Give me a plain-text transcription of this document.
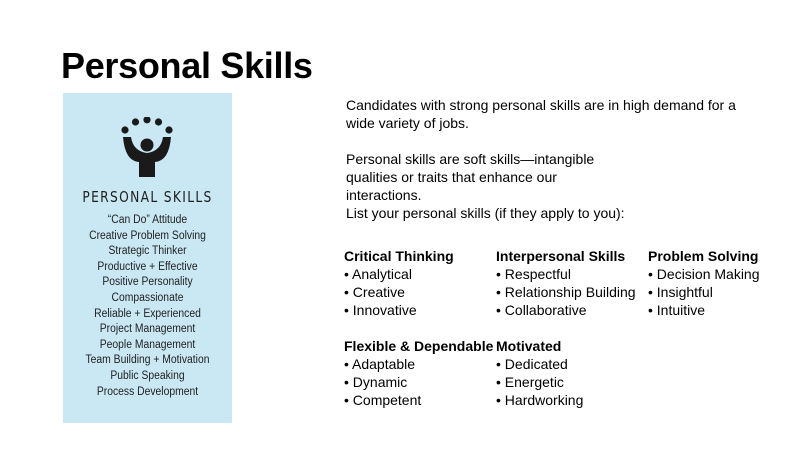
Personal Skills
PERSONAL SKILLS
“Can Do” Attitude
Creative Problem Solving
Strategic Thinker
Productive + Effective
Positive Personality
Compassionate
Reliable + Experienced
Project Management
People Management
Team Building + Motivation
Public Speaking
Process Development

Candidates with strong personal skills are in high demand for a wide variety of jobs.

Personal skills are soft skills—intangible qualities or traits that enhance our interactions.

List your personal skills (if they apply to you):

Critical Thinking
• Analytical
• Creative
• Innovative
Interpersonal Skills
• Respectful
• Relationship Building
• Collaborative
Problem Solving
• Decision Making
• Insightful
• Intuitive
Flexible & Dependable
• Adaptable
• Dynamic
• Competent
Motivated
• Dedicated
• Energetic
• Hardworking
